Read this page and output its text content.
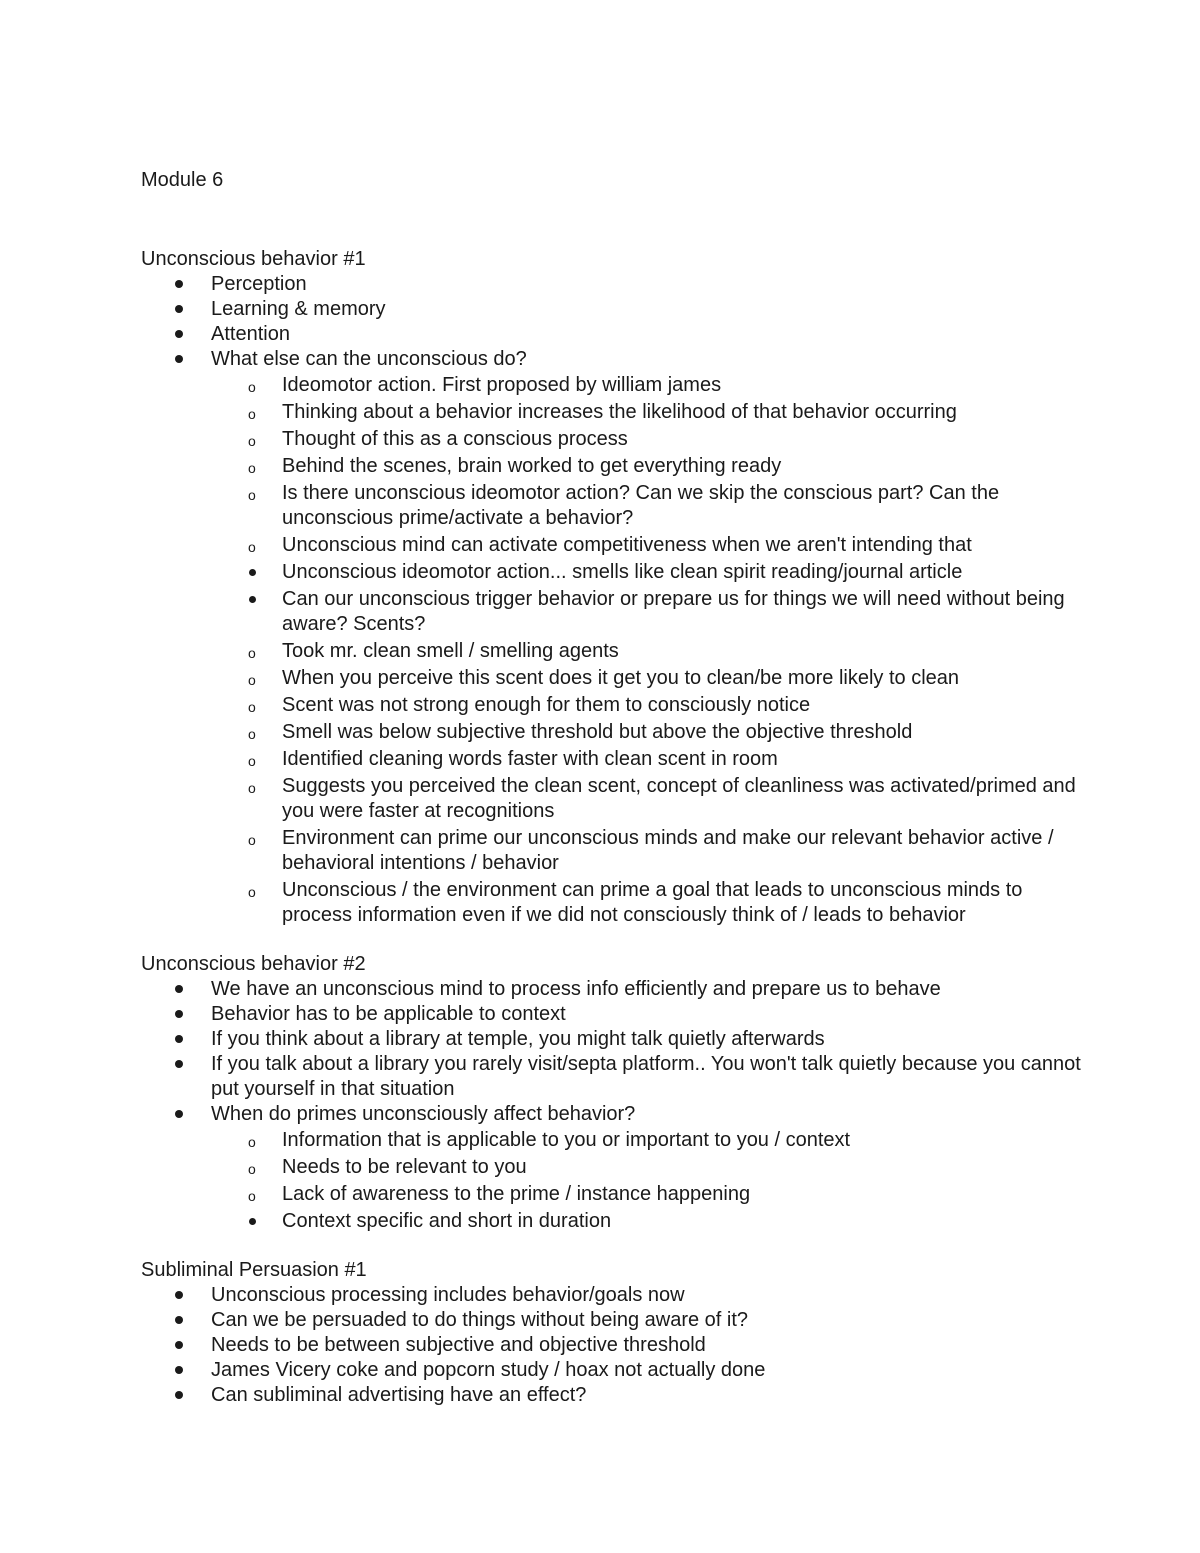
Module 6
Unconscious behavior #1
Perception
Learning & memory
Attention
What else can the unconscious do?
o Ideomotor action. First proposed by william james
o Thinking about a behavior increases the likelihood of that behavior occurring
o Thought of this as a conscious process
o Behind the scenes, brain worked to get everything ready
o Is there unconscious ideomotor action? Can we skip the conscious part? Can the unconscious prime/activate a behavior?
o Unconscious mind can activate competitiveness when we aren't intending that
Unconscious ideomotor action... smells like clean spirit reading/journal article
Can our unconscious trigger behavior or prepare us for things we will need without being aware? Scents?
o Took mr. clean smell / smelling agents
o When you perceive this scent does it get you to clean/be more likely to clean
o Scent was not strong enough for them to consciously notice
o Smell was below subjective threshold but above the objective threshold
o Identified cleaning words faster with clean scent in room
o Suggests you perceived the clean scent, concept of cleanliness was activated/primed and you were faster at recognitions
o Environment can prime our unconscious minds and make our relevant behavior active / behavioral intentions / behavior
o Unconscious / the environment can prime a goal that leads to unconscious minds to process information even if we did not consciously think of / leads to behavior
Unconscious behavior #2
We have an unconscious mind to process info efficiently and prepare us to behave
Behavior has to be applicable to context
If you think about a library at temple, you might talk quietly afterwards
If you talk about a library you rarely visit/septa platform.. You won't talk quietly because you cannot put yourself in that situation
When do primes unconsciously affect behavior?
o Information that is applicable to you or important to you / context
o Needs to be relevant to you
o Lack of awareness to the prime / instance happening
Context specific and short in duration
Subliminal Persuasion #1
Unconscious processing includes behavior/goals now
Can we be persuaded to do things without being aware of it?
Needs to be between subjective and objective threshold
James Vicery coke and popcorn study / hoax not actually done
Can subliminal advertising have an effect?
